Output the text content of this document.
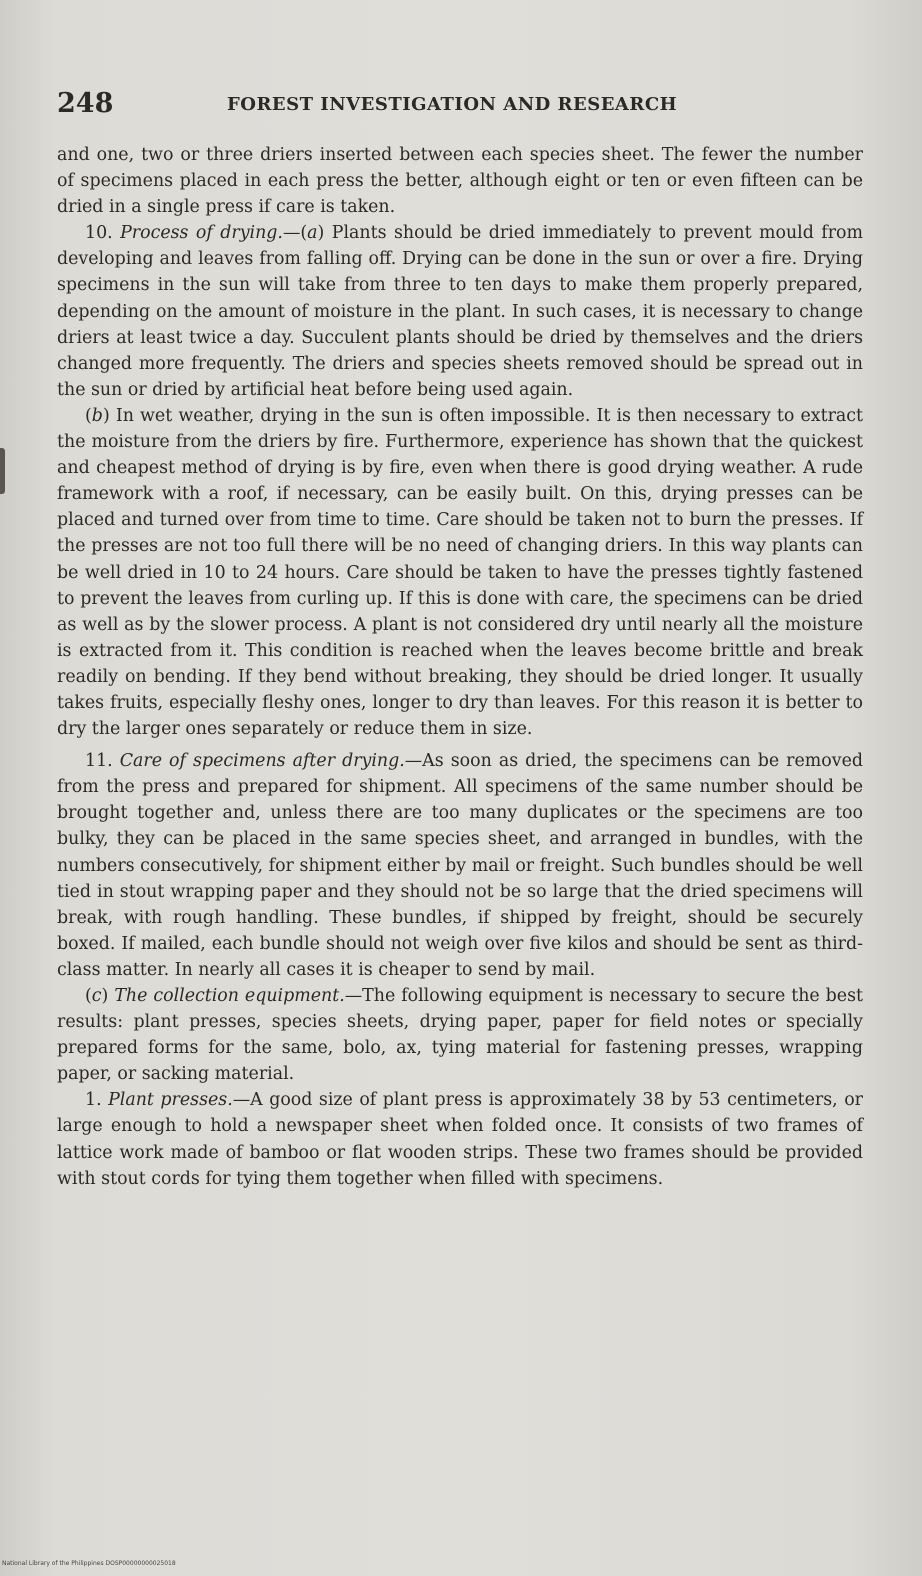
248	FOREST INVESTIGATION AND RESEARCH

and one, two or three driers inserted between each species sheet. The fewer the number of specimens placed in each press the better, although eight or ten or even fifteen can be dried in a single press if care is taken.

10. Process of drying.—(a) Plants should be dried immediately to prevent mould from developing and leaves from falling off. Drying can be done in the sun or over a fire. Drying specimens in the sun will take from three to ten days to make them properly prepared, depending on the amount of moisture in the plant. In such cases, it is necessary to change driers at least twice a day. Succulent plants should be dried by themselves and the driers changed more frequently. The driers and species sheets removed should be spread out in the sun or dried by artificial heat before being used again.

(b) In wet weather, drying in the sun is often impossible. It is then necessary to extract the moisture from the driers by fire. Furthermore, experience has shown that the quickest and cheapest method of drying is by fire, even when there is good drying weather. A rude framework with a roof, if necessary, can be easily built. On this, drying presses can be placed and turned over from time to time. Care should be taken not to burn the presses. If the presses are not too full there will be no need of changing driers. In this way plants can be well dried in 10 to 24 hours. Care should be taken to have the presses tightly fastened to prevent the leaves from curling up. If this is done with care, the specimens can be dried as well as by the slower process. A plant is not considered dry until nearly all the moisture is extracted from it. This condition is reached when the leaves become brittle and break readily on bending. If they bend without breaking, they should be dried longer. It usually takes fruits, especially fleshy ones, longer to dry than leaves. For this reason it is better to dry the larger ones separately or reduce them in size.

11. Care of specimens after drying.—As soon as dried, the specimens can be removed from the press and prepared for shipment. All specimens of the same number should be brought together and, unless there are too many duplicates or the specimens are too bulky, they can be placed in the same species sheet, and arranged in bundles, with the numbers consecutively, for shipment either by mail or freight. Such bundles should be well tied in stout wrapping paper and they should not be so large that the dried specimens will break, with rough handling. These bundles, if shipped by freight, should be securely boxed. If mailed, each bundle should not weigh over five kilos and should be sent as third-class matter. In nearly all cases it is cheaper to send by mail.

(c) The collection equipment.—The following equipment is necessary to secure the best results: plant presses, species sheets, drying paper, paper for field notes or specially prepared forms for the same, bolo, ax, tying material for fastening presses, wrapping paper, or sacking material.

1. Plant presses.—A good size of plant press is approximately 38 by 53 centimeters, or large enough to hold a newspaper sheet when folded once. It consists of two frames of lattice work made of bamboo or flat wooden strips. These two frames should be provided with stout cords for tying them together when filled with specimens.

National Library of the Philippines DOSP00000000025018
